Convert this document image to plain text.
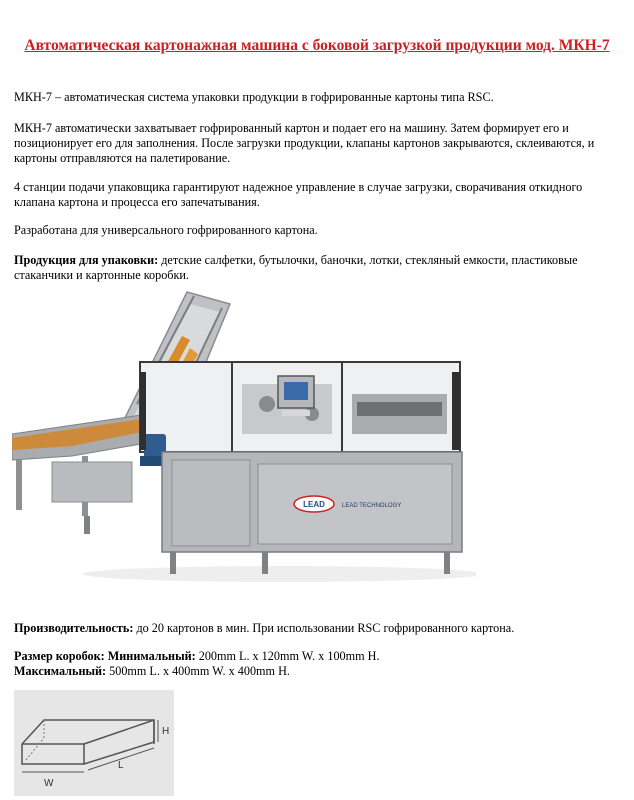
Автоматическая картонажная машина с боковой загрузкой продукции мод. МКН-7
МКН-7 – автоматическая система упаковки продукции в гофрированные картоны типа RSC.
МКН-7 автоматически захватывает гофрированный картон и подает его на машину. Затем формирует его и позиционирует его для заполнения. После загрузки продукции, клапаны картонов закрываются, склеиваются, и картоны отправляются на палетирование.
4 станции подачи упаковщика гарантируют надежное управление в случае загрузки, сворачивания откидного клапана картона и процесса его запечатывания.
Разработана для универсального гофрированного картона.
Продукция для упаковки: детские салфетки, бутылочки, баночки, лотки, стекляный емкости, пластиковые стаканчики и картонные коробки.
LEAD	LEAD TECHNOLOGY
Производительность: до 20 картонов в мин. При использовании RSC гофрированного картона.
Размер коробок: Минимальный: 200mm L. x 120mm W. x 100mm H.
Максимальный: 500mm L. x 400mm W. x 400mm H.
H
L
W
